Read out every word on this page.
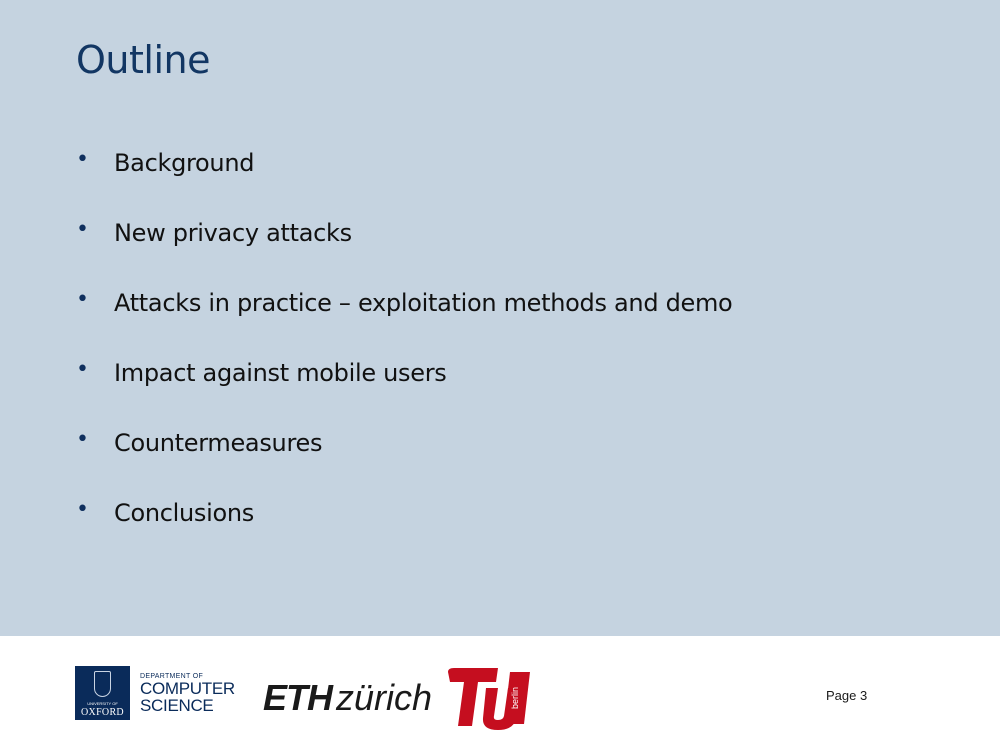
Outline
•	Background
•	New privacy attacks
•	Attacks in practice – exploitation methods and demo
•	Impact against mobile users
•	Countermeasures
•	Conclusions
UNIVERSITY OF
OXFORD
DEPARTMENT OF
COMPUTER
SCIENCE	ETH zürich	berlin	Page 3
